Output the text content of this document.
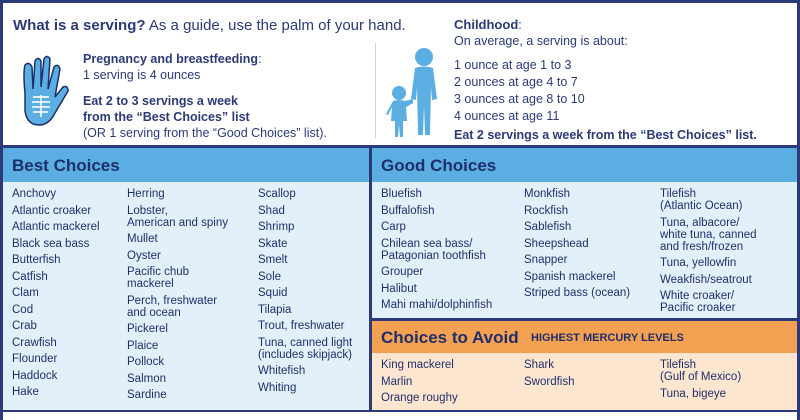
What is a serving? As a guide, use the palm of your hand.
Pregnancy and breastfeeding:
1 serving is 4 ounces
Eat 2 to 3 servings a week
from the “Best Choices” list
(OR 1 serving from the “Good Choices” list).
Childhood:
On average, a serving is about:
1 ounce at age 1 to 3
2 ounces at age 4 to 7
3 ounces at age 8 to 10
4 ounces at age 11
Eat 2 servings a week from the “Best Choices” list.
Best Choices
Anchovy
Atlantic croaker
Atlantic mackerel
Black sea bass
Butterfish
Catfish
Clam
Cod
Crab
Crawfish
Flounder
Haddock
Hake
Herring
Lobster,
American and spiny
Mullet
Oyster
Pacific chub
mackerel
Perch, freshwater
and ocean
Pickerel
Plaice
Pollock
Salmon
Sardine
Scallop
Shad
Shrimp
Skate
Smelt
Sole
Squid
Tilapia
Trout, freshwater
Tuna, canned light
(includes skipjack)
Whitefish
Whiting
Good Choices
Bluefish
Buffalofish
Carp
Chilean sea bass/
Patagonian toothfish
Grouper
Halibut
Mahi mahi/dolphinfish
Monkfish
Rockfish
Sablefish
Sheepshead
Snapper
Spanish mackerel
Striped bass (ocean)
Tilefish
(Atlantic Ocean)
Tuna, albacore/
white tuna, canned
and fresh/frozen
Tuna, yellowfin
Weakfish/seatrout
White croaker/
Pacific croaker
Choices to Avoid HIGHEST MERCURY LEVELS
King mackerel
Marlin
Orange roughy
Shark
Swordfish
Tilefish
(Gulf of Mexico)
Tuna, bigeye
